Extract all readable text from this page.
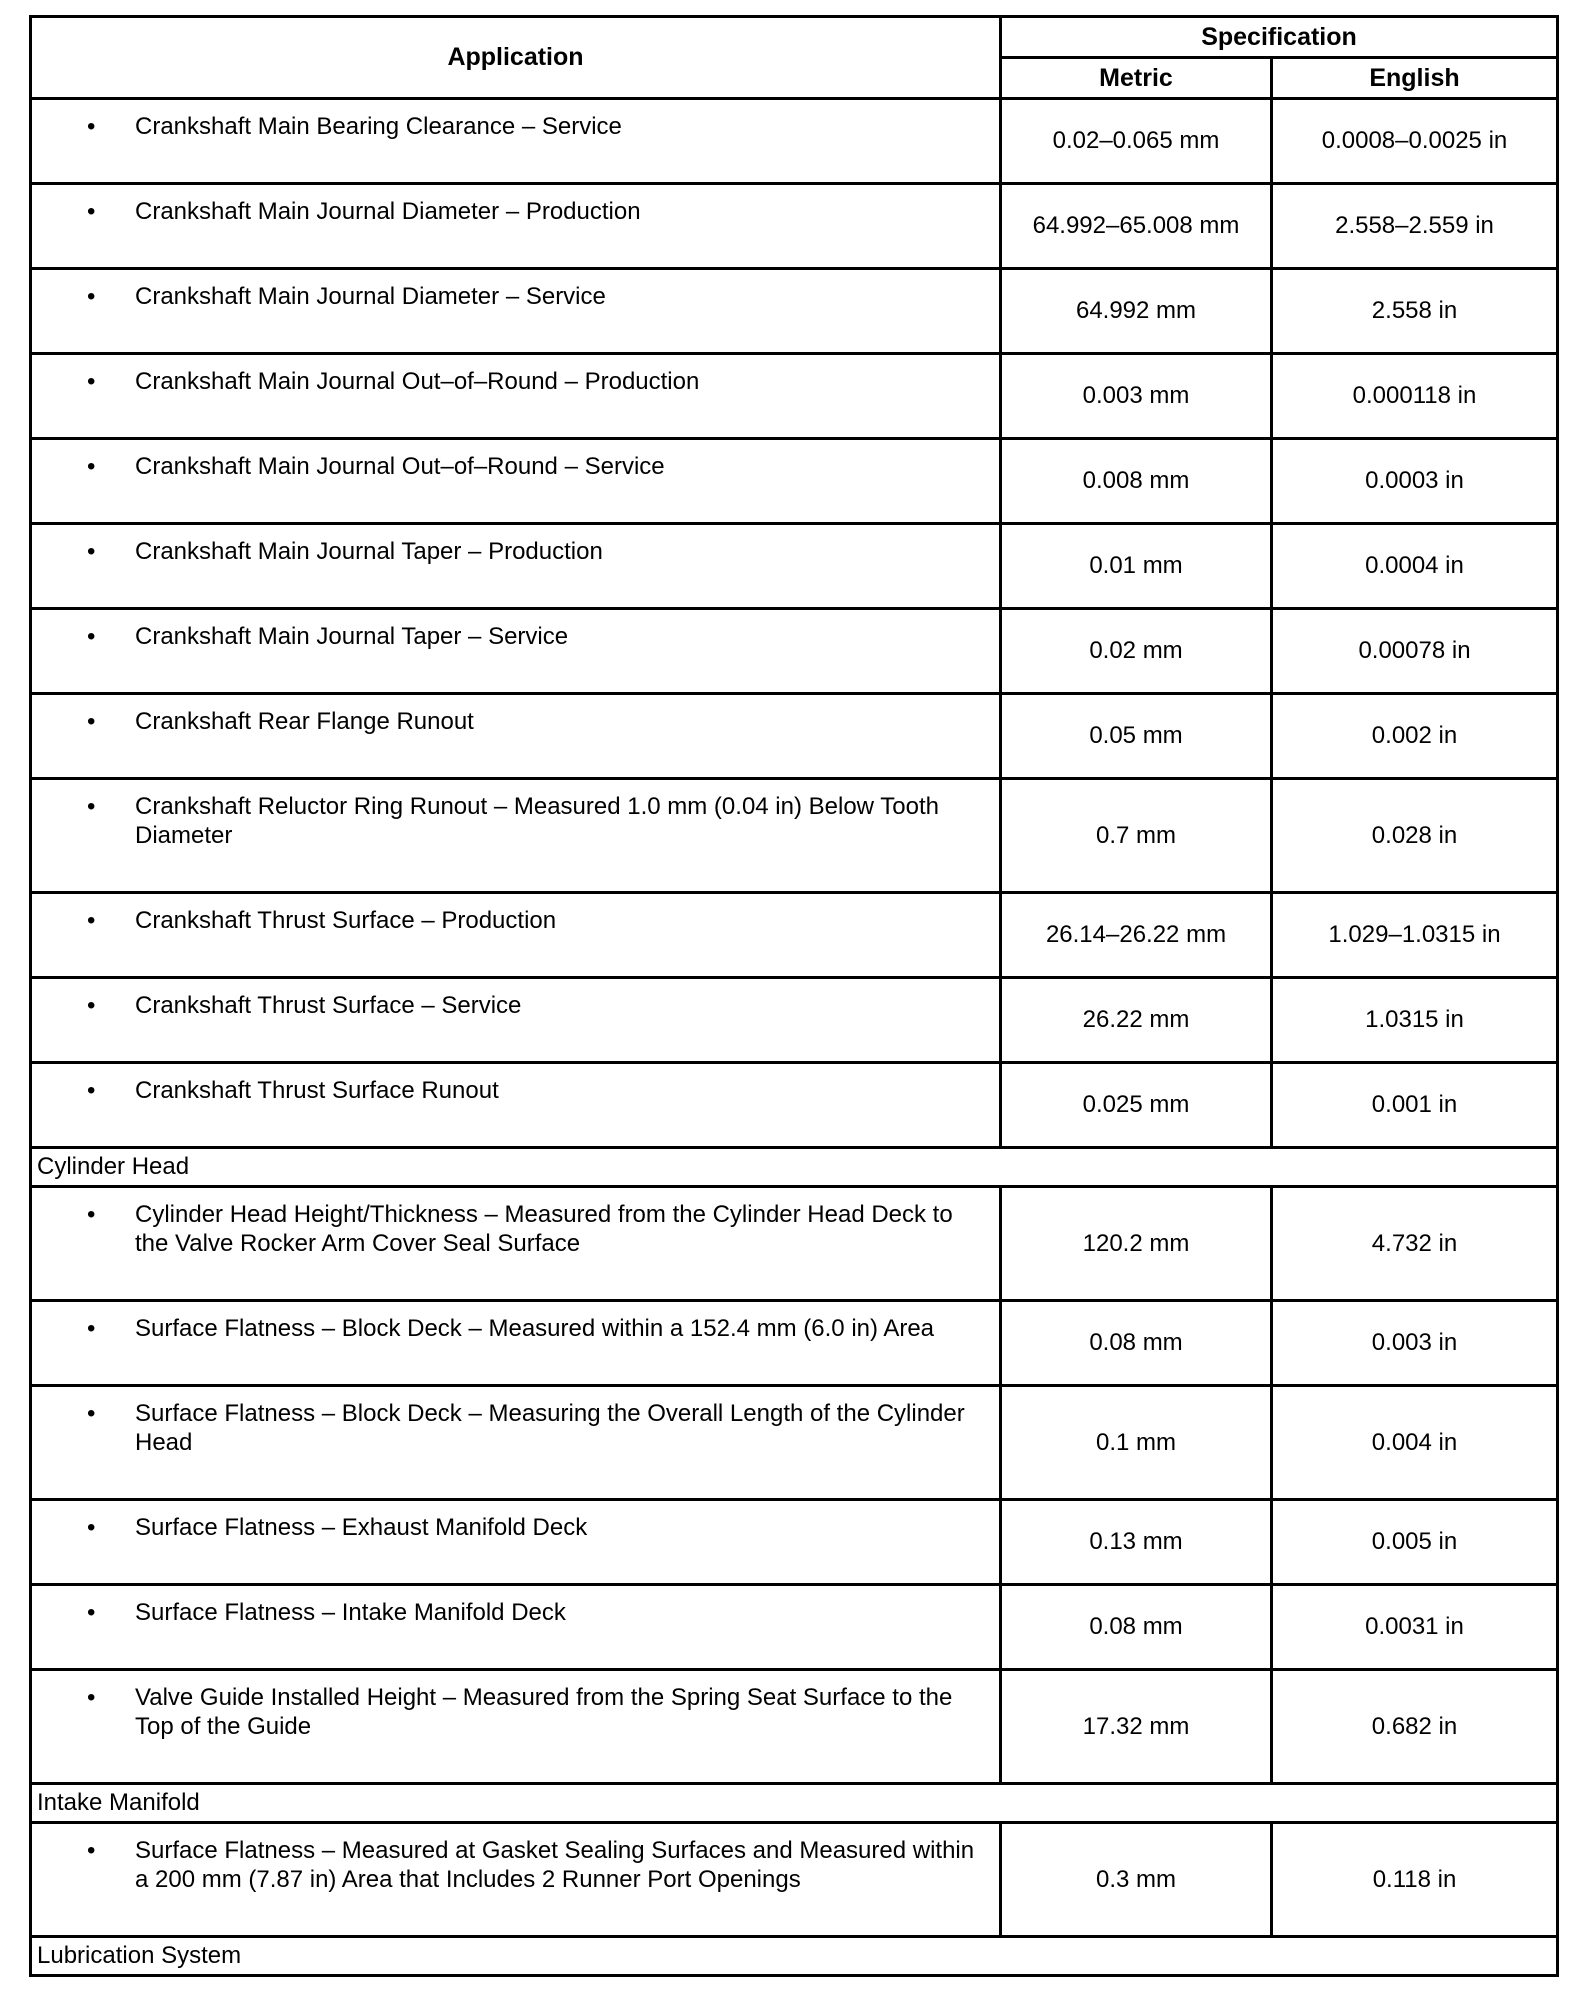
Application	Specification	
	Metric	English

• Crankshaft Main Bearing Clearance – Service	0.02–0.065 mm	0.0008–0.0025 in

• Crankshaft Main Journal Diameter – Production	64.992–65.008 mm	2.558–2.559 in

• Crankshaft Main Journal Diameter – Service	64.992 mm	2.558 in

• Crankshaft Main Journal Out–of–Round – Production	0.003 mm	0.000118 in

• Crankshaft Main Journal Out–of–Round – Service	0.008 mm	0.0003 in

• Crankshaft Main Journal Taper – Production	0.01 mm	0.0004 in

• Crankshaft Main Journal Taper – Service	0.02 mm	0.00078 in

• Crankshaft Rear Flange Runout	0.05 mm	0.002 in

• Crankshaft Reluctor Ring Runout – Measured 1.0 mm (0.04 in) Below Tooth Diameter	0.7 mm	0.028 in

• Crankshaft Thrust Surface – Production	26.14–26.22 mm	1.029–1.0315 in

• Crankshaft Thrust Surface – Service	26.22 mm	1.0315 in

• Crankshaft Thrust Surface Runout	0.025 mm	0.001 in
Cylinder Head		

• Cylinder Head Height/Thickness – Measured from the Cylinder Head Deck to the Valve Rocker Arm Cover Seal Surface	120.2 mm	4.732 in

• Surface Flatness – Block Deck – Measured within a 152.4 mm (6.0 in) Area	0.08 mm	0.003 in

• Surface Flatness – Block Deck – Measuring the Overall Length of the Cylinder Head	0.1 mm	0.004 in

• Surface Flatness – Exhaust Manifold Deck	0.13 mm	0.005 in

• Surface Flatness – Intake Manifold Deck	0.08 mm	0.0031 in

• Valve Guide Installed Height – Measured from the Spring Seat Surface to the Top of the Guide	17.32 mm	0.682 in
Intake Manifold		

• Surface Flatness – Measured at Gasket Sealing Surfaces and Measured within a 200 mm (7.87 in) Area that Includes 2 Runner Port Openings	0.3 mm	0.118 in
Lubrication System		
